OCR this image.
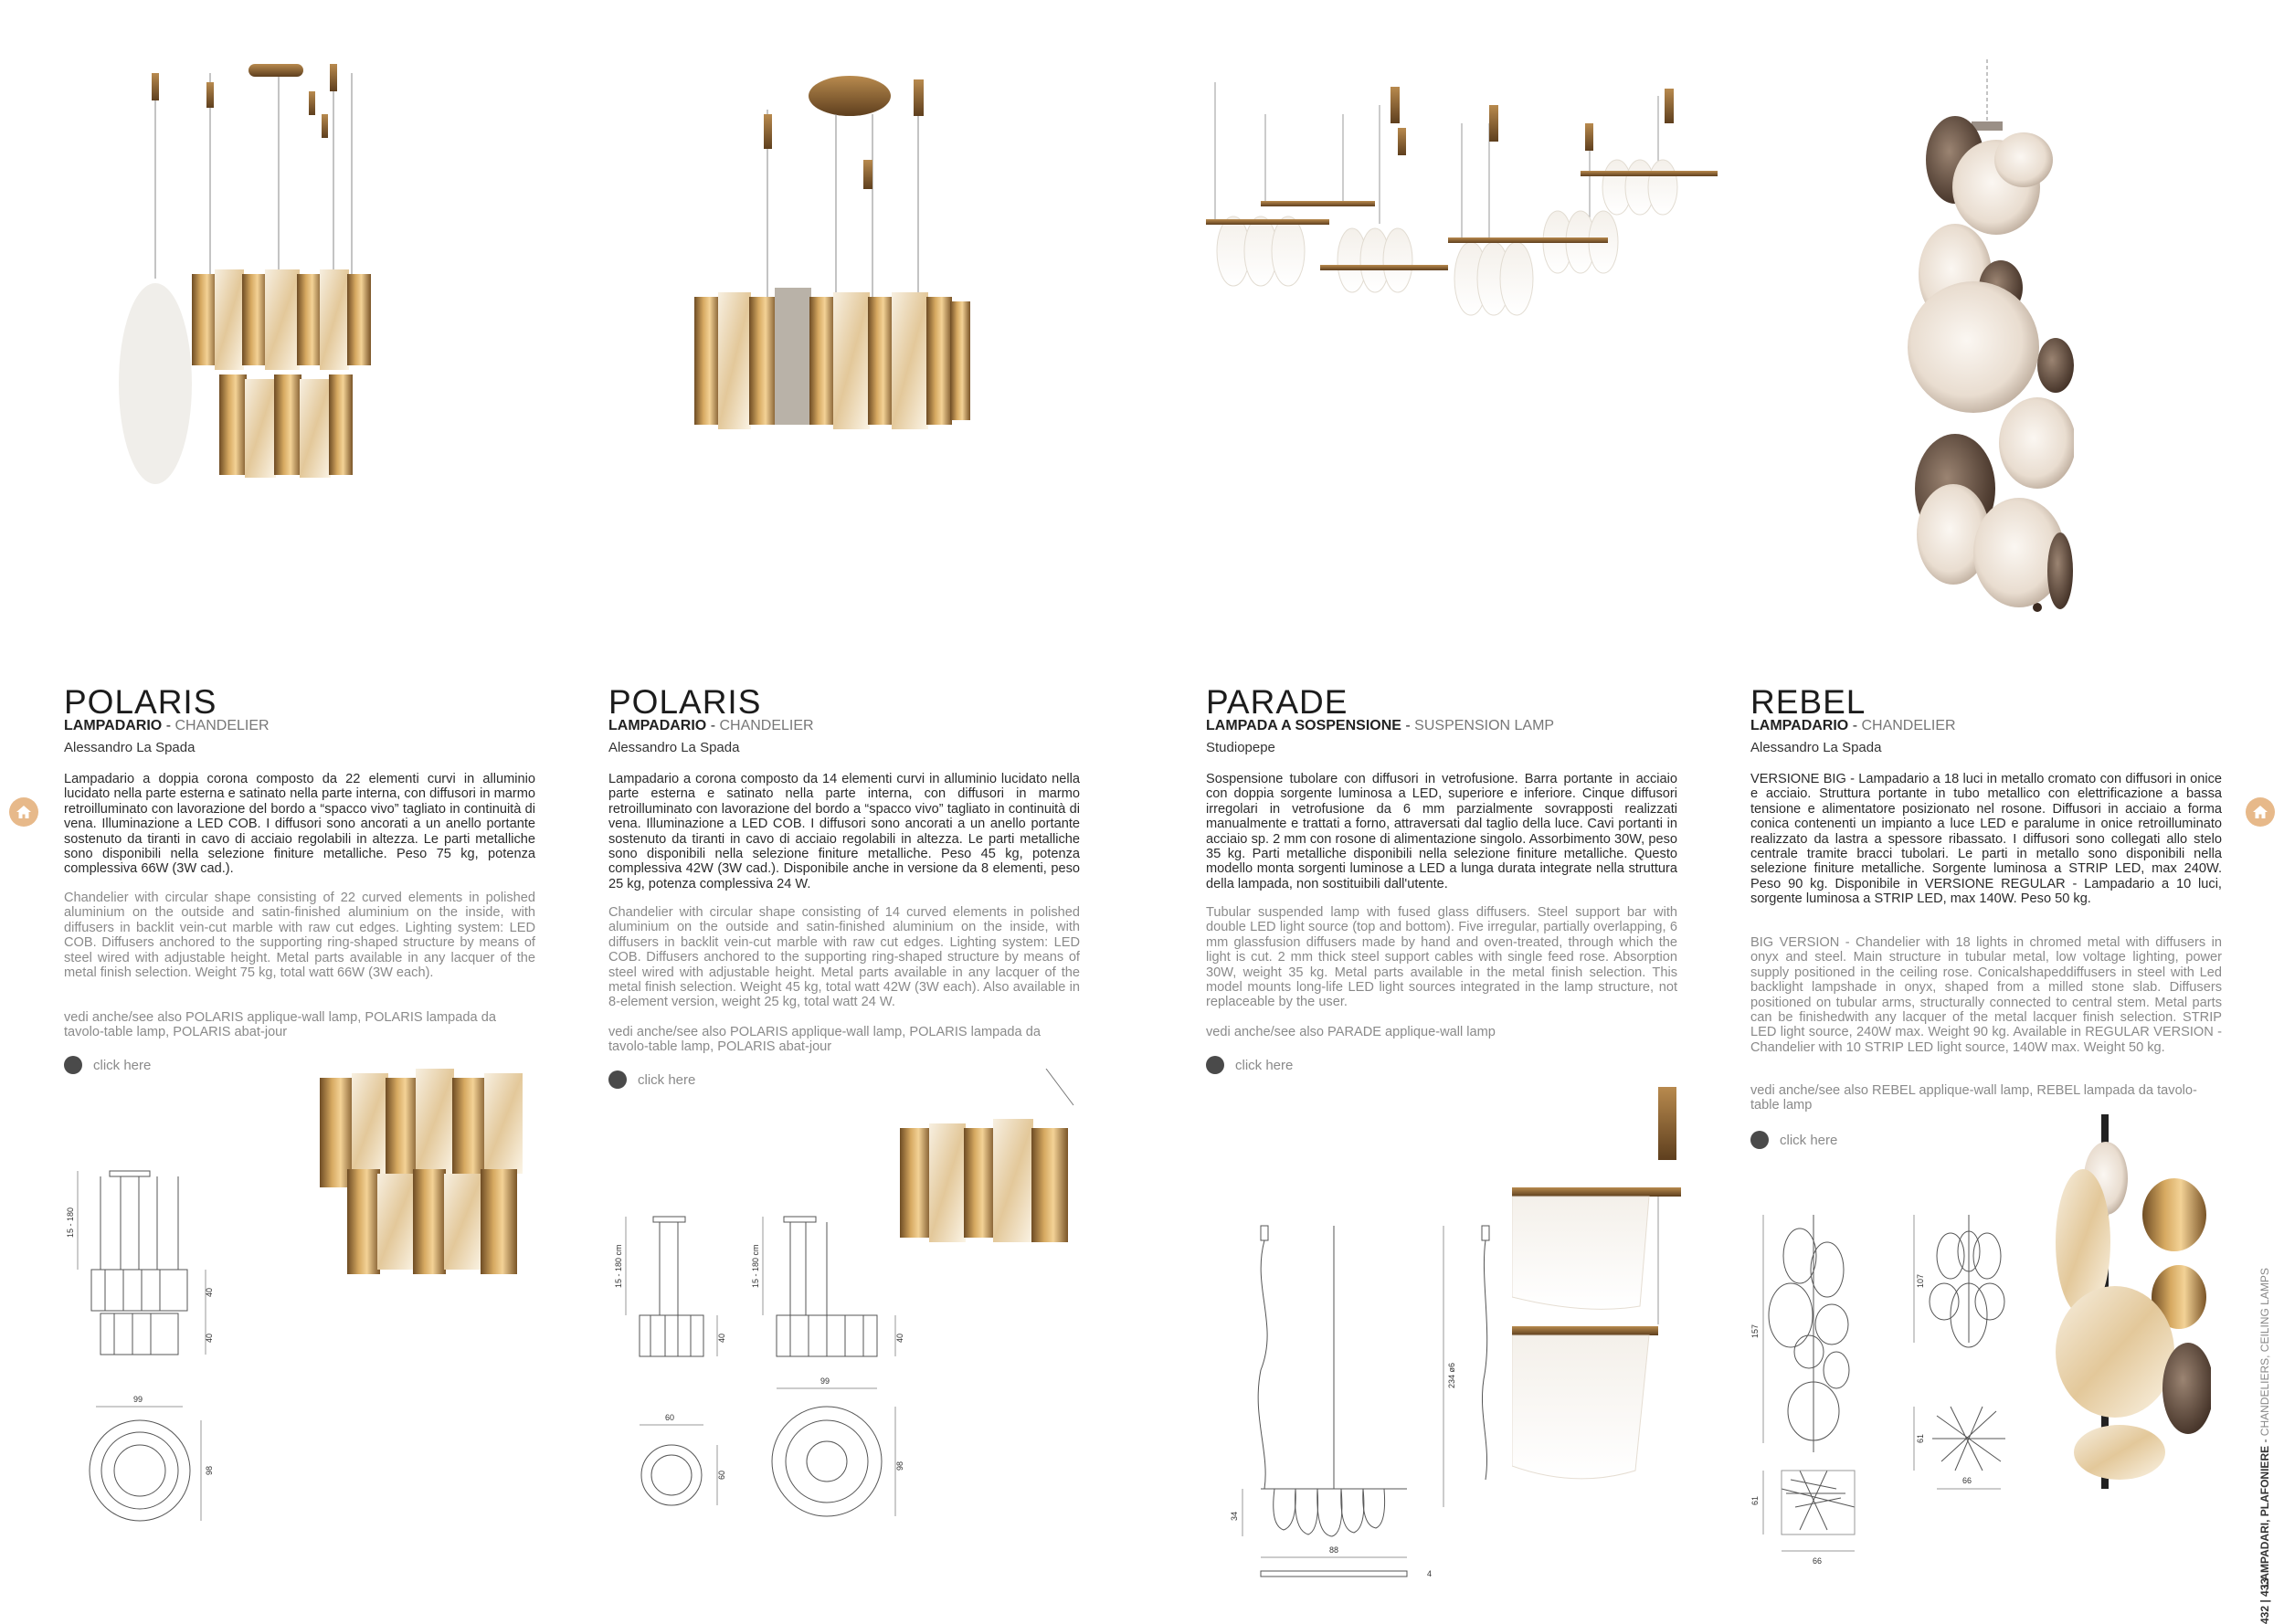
POLARIS
LAMPADARIO - CHANDELIER
Alessandro La Spada
Lampadario a doppia corona composto da 22 elementi curvi in alluminio lucidato nella parte esterna e satinato nella parte interna, con diffusori in marmo retroilluminato con lavorazione del bordo a “spacco vivo” tagliato in continuità di vena. Illuminazione a LED COB. I diffusori sono ancorati a un anello portante sostenuto da tiranti in cavo di acciaio regolabili in altezza. Le parti metalliche sono disponibili nella selezione finiture metalliche. Peso 75 kg, potenza complessiva 66W (3W cad.).
Chandelier with circular shape consisting of 22 curved elements in polished aluminium on the outside and satin-finished aluminium on the inside, with diffusers in backlit vein-cut marble with raw cut edges. Lighting system: LED COB. Diffusers anchored to the supporting ring-shaped structure by means of steel wired with adjustable height. Metal parts available in any lacquer of the metal finish selection. Weight 75 kg, total watt 66W (3W each).
vedi anche/see also POLARIS applique-wall lamp, POLARIS lampada da tavolo-table lamp, POLARIS abat-jour
click here
POLARIS
LAMPADARIO - CHANDELIER
Alessandro La Spada
Lampadario a corona composto da 14 elementi curvi in alluminio lucidato nella parte esterna e satinato nella parte interna, con diffusori in marmo retroilluminato con lavorazione del bordo a “spacco vivo” tagliato in continuità di vena. Illuminazione a LED COB. I diffusori sono ancorati a un anello portante sostenuto da tiranti in cavo di acciaio regolabili in altezza. Le parti metalliche sono disponibili nella selezione finiture metalliche. Peso 45 kg, potenza complessiva 42W (3W cad.). Disponibile anche in versione da 8 elementi, peso 25 kg, potenza complessiva 24 W.
Chandelier with circular shape consisting of 14 curved elements in polished aluminium on the outside and satin-finished aluminium on the inside, with diffusers in backlit vein-cut marble with raw cut edges. Lighting system: LED COB. Diffusers anchored to the supporting ring-shaped structure by means of steel wired with adjustable height. Metal parts available in any lacquer of the metal finish selection. Weight 45 kg, total watt 42W (3W each). Also available in 8-element version, weight 25 kg, total watt 24 W.
vedi anche/see also POLARIS applique-wall lamp, POLARIS lampada da tavolo-table lamp, POLARIS abat-jour
click here
PARADE
LAMPADA A SOSPENSIONE - SUSPENSION LAMP
Studiopepe
Sospensione tubolare con diffusori in vetrofusione. Barra portante in acciaio con doppia sorgente luminosa a LED, superiore e inferiore. Cinque diffusori irregolari in vetrofusione da 6 mm parzialmente sovrapposti realizzati manualmente e trattati a forno, attraversati dal taglio della luce. Cavi portanti in acciaio sp. 2 mm con rosone di alimentazione singolo. Assorbimento 30W, peso 35 kg. Parti metalliche disponibili nella selezione finiture metalliche. Questo modello monta sorgenti luminose a LED a lunga durata integrate nella struttura della lampada, non sostituibili dall'utente.
Tubular suspended lamp with fused glass diffusers. Steel support bar with double LED light source (top and bottom). Five irregular, partially overlapping, 6 mm glassfusion diffusers made by hand and oven-treated, through which the light is cut. 2 mm thick steel support cables with single feed rose. Absorption 30W, weight 35 kg. Metal parts available in the metal finish selection. This model mounts long-life LED light sources integrated in the lamp structure, not replaceable by the user.
vedi anche/see also PARADE applique-wall lamp
click here
REBEL
LAMPADARIO - CHANDELIER
Alessandro La Spada
VERSIONE BIG - Lampadario a 18 luci in metallo cromato con diffusori in onice e acciaio. Struttura portante in tubo metallico con elettrificazione a bassa tensione e alimentatore posizionato nel rosone. Diffusori in acciaio a forma conica contenenti un impianto a luce LED e paralume in onice retroilluminato realizzato da lastra a spessore ribassato. I diffusori sono collegati allo stelo centrale tramite bracci tubolari. Le parti in metallo sono disponibili nella selezione finiture metalliche. Sorgente luminosa a STRIP LED, max 240W. Peso 90 kg. Disponibile in VERSIONE REGULAR - Lampadario a 10 luci, sorgente luminosa a STRIP LED, max 140W. Peso 50 kg.
BIG VERSION - Chandelier with 18 lights in chromed metal with diffusers in onyx and steel. Main structure in tubular metal, low voltage lighting, power supply positioned in the ceiling rose. Conicalshapeddiffusers in steel with Led backlight lampshade in onyx, shaped from a milled stone slab. Diffusers positioned on tubular arms, structurally connected to central stem. Metal parts can be finishedwith any lacquer of the metal lacquer finish selection. STRIP LED light source, 240W max. Weight 90 kg. Available in REGULAR VERSION - Chandelier with 10 STRIP LED light source, 140W max. Weight 50 kg.
vedi anche/see also REBEL applique-wall lamp, REBEL lampada da tavolo-table lamp
click here
15 - 180
40
40
99
98
15 - 180 cm
40
60
60
15 - 180 cm
40
99
98
234 ø6
34
88
4
157
61
66
107
61
66	LAMPADARI, PLAFONIERE - CHANDELIERS, CEILING LAMPS
432 | 433
